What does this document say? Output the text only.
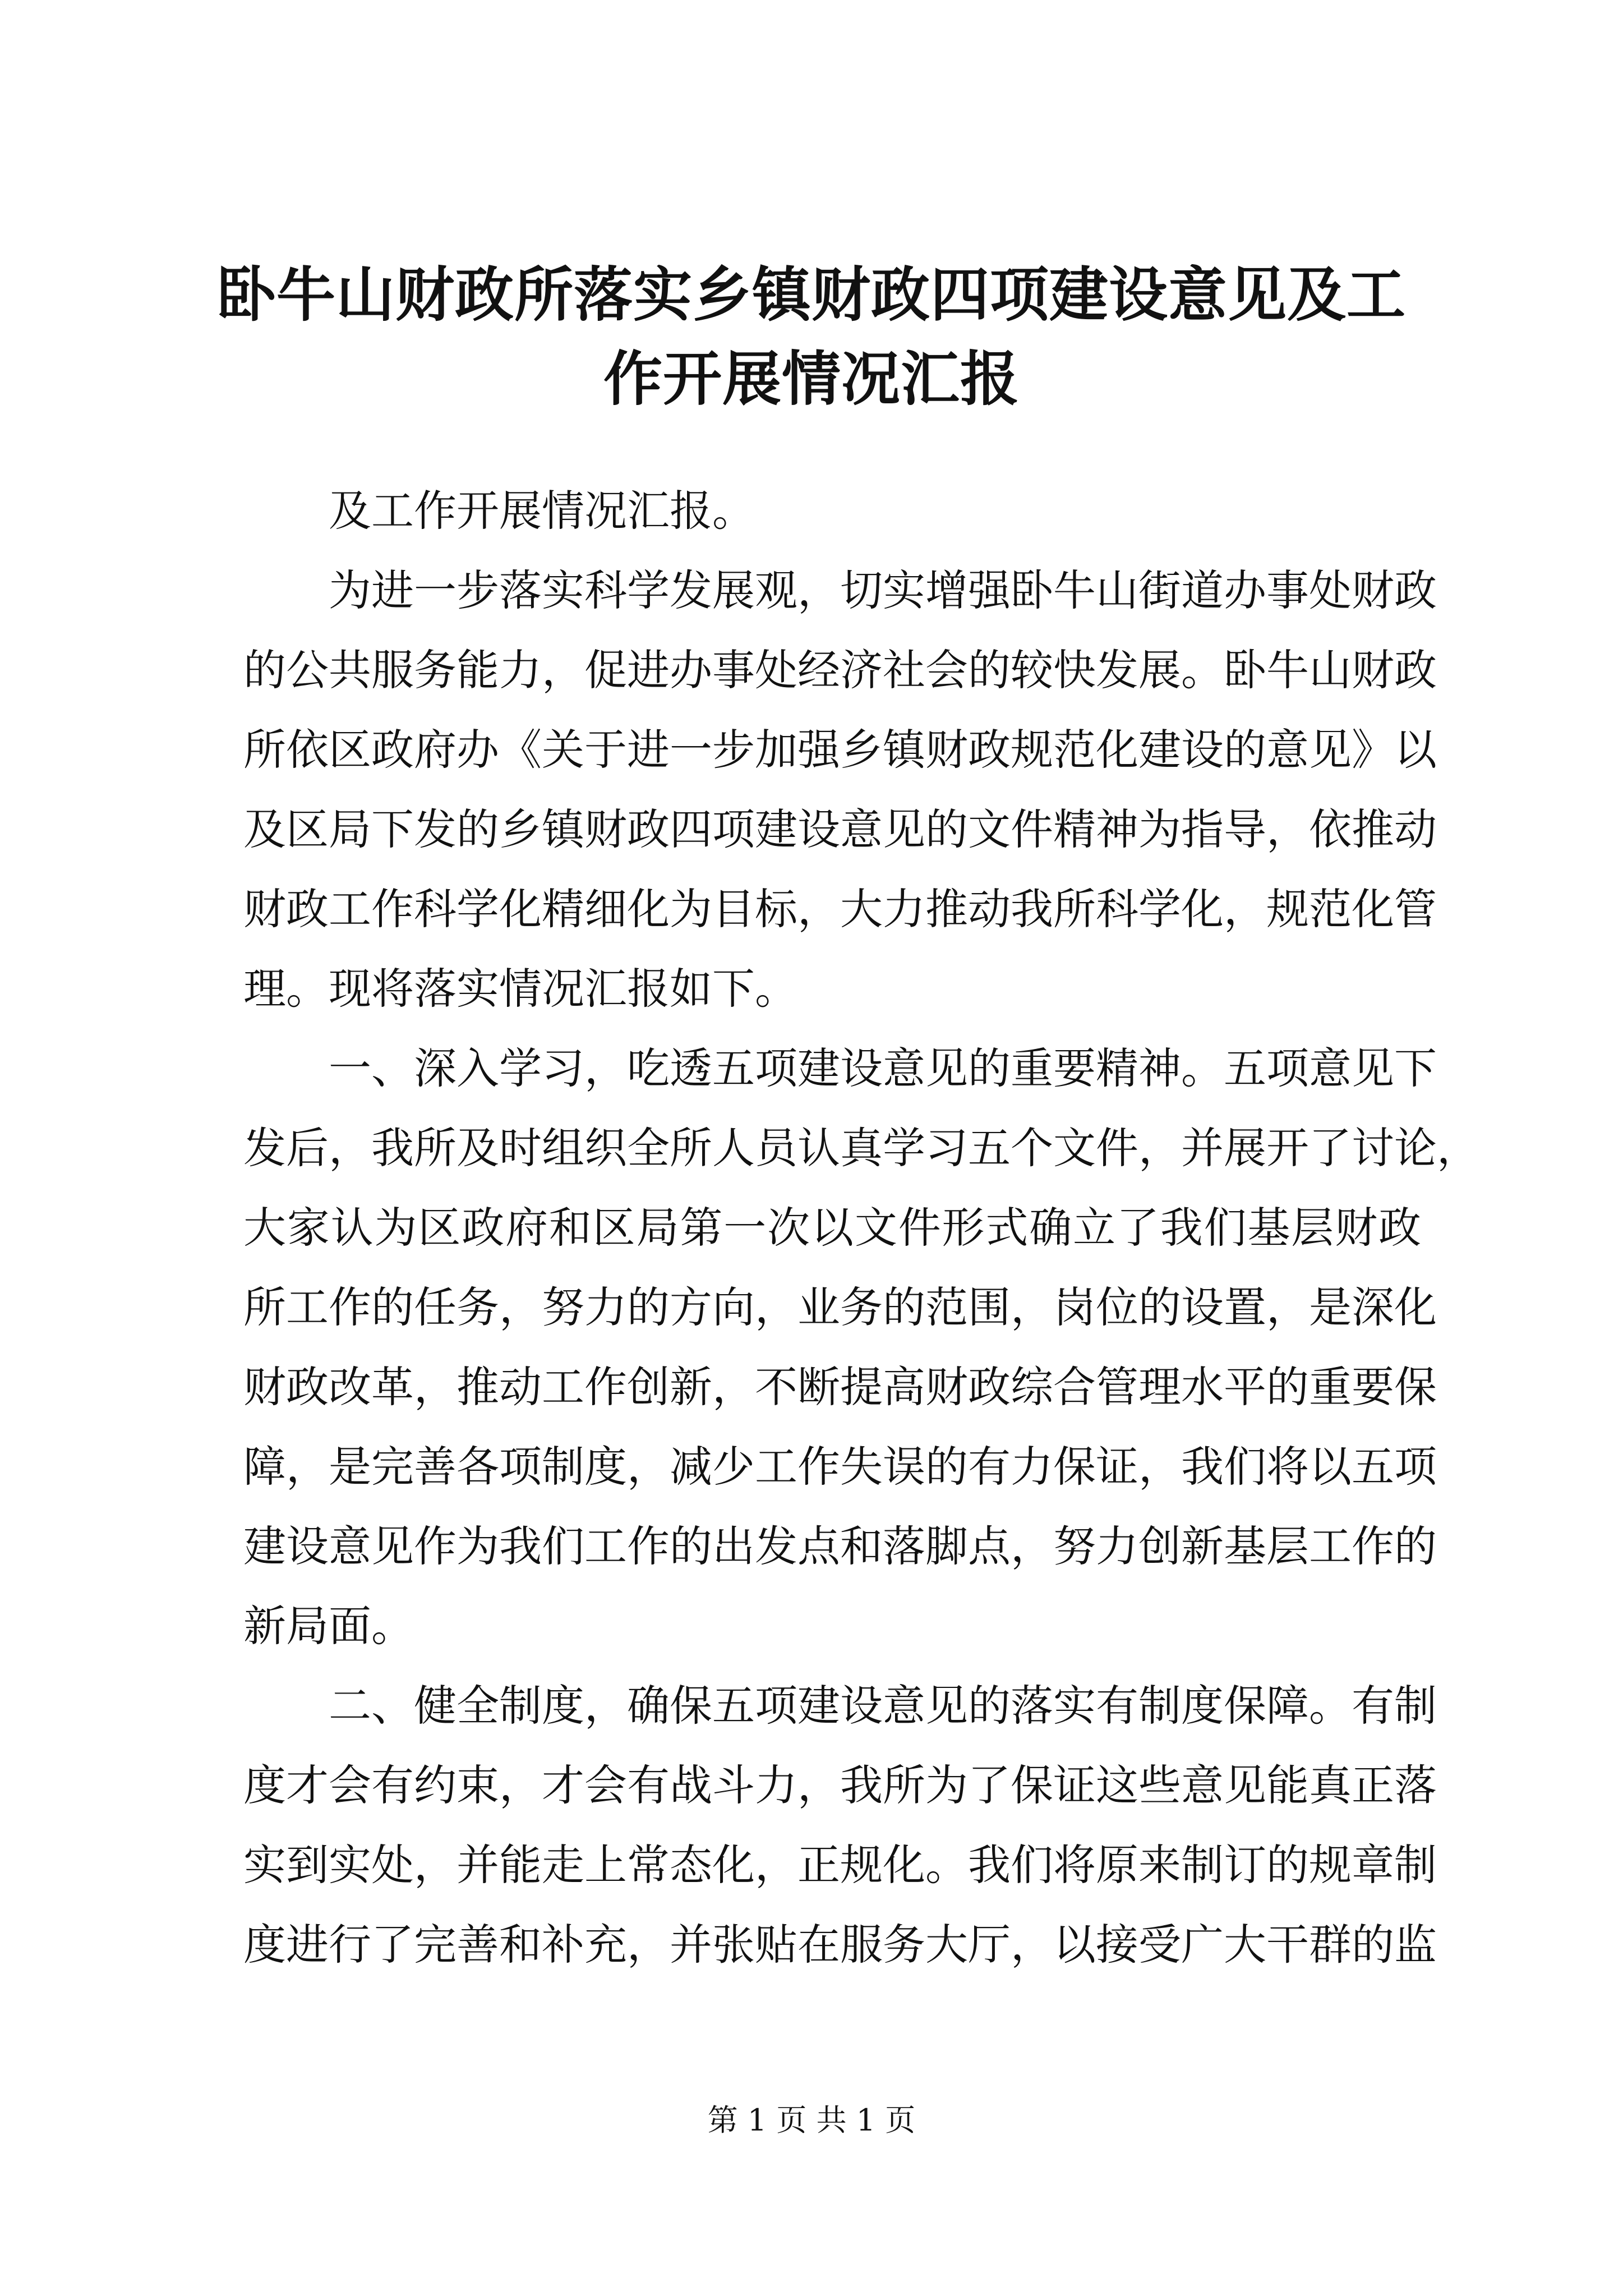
卧牛山财政所落实乡镇财政四项建设意见及工
作开展情况汇报
及工作开展情况汇报。
为进一步落实科学发展观，切实增强卧牛山街道办事处财政
的公共服务能力，促进办事处经济社会的较快发展。卧牛山财政
所依区政府办《关于进一步加强乡镇财政规范化建设的意见》以
及区局下发的乡镇财政四项建设意见的文件精神为指导，依推动
财政工作科学化精细化为目标，大力推动我所科学化，规范化管
理。现将落实情况汇报如下。
一、深入学习，吃透五项建设意见的重要精神。五项意见下
发后，我所及时组织全所人员认真学习五个文件，并展开了讨论，
大家认为区政府和区局第一次以文件形式确立了我们基层财政
所工作的任务，努力的方向，业务的范围，岗位的设置，是深化
财政改革，推动工作创新，不断提高财政综合管理水平的重要保
障，是完善各项制度，减少工作失误的有力保证，我们将以五项
建设意见作为我们工作的出发点和落脚点，努力创新基层工作的
新局面。
二、健全制度，确保五项建设意见的落实有制度保障。有制
度才会有约束，才会有战斗力，我所为了保证这些意见能真正落
实到实处，并能走上常态化，正规化。我们将原来制订的规章制
度进行了完善和补充，并张贴在服务大厅，以接受广大干群的监
第 1 页 共 1 页
